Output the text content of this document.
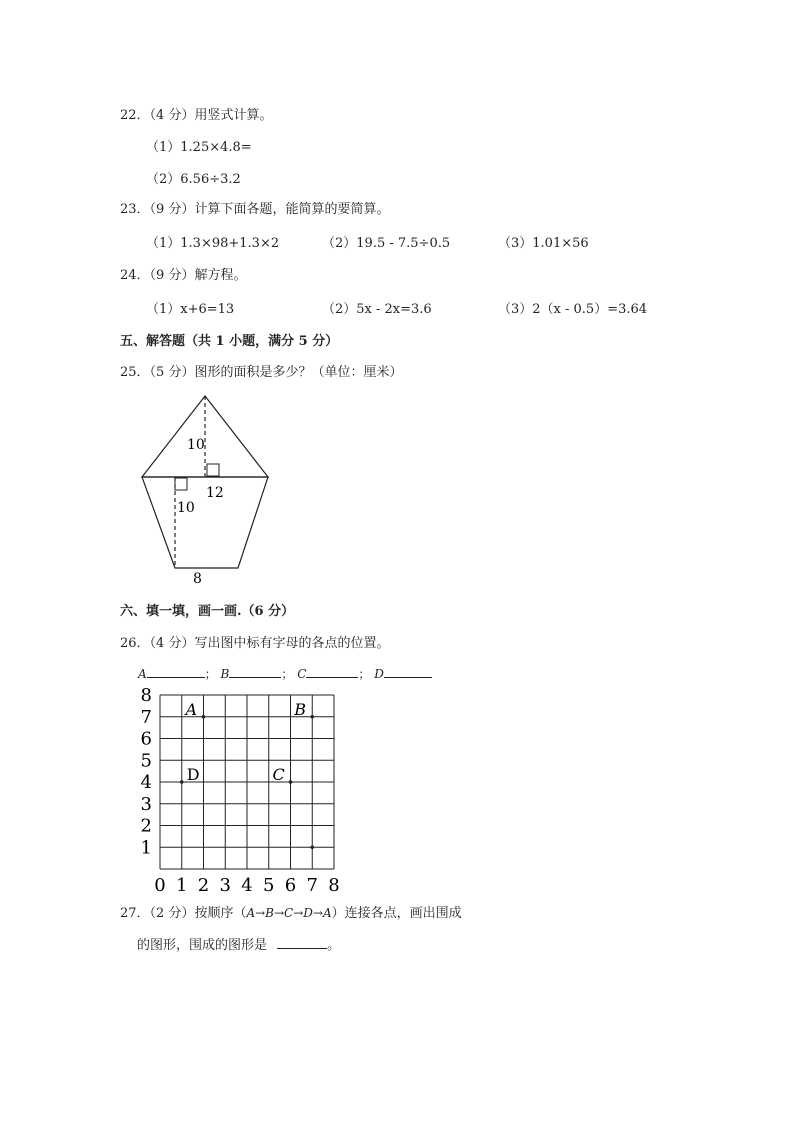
22．（4 分）用竖式计算。
（1）1.25×4.8=
（2）6.56÷3.2
23．（9 分）计算下面各题，能简算的要简算。
（1）1.3×98+1.3×2	（2）19.5 - 7.5÷0.5	（3）1.01×56
24．（9 分）解方程。
（1）x+6=13	（2）5x - 2x=3.6	（3）2（x - 0.5）=3.64
五、解答题（共 1 小题，满分 5 分）
25．（5 分）图形的面积是多少？（单位：厘米）
10
12
10
8
六、填一填，画一画.（6 分）
26．（4 分）写出图中标有字母的各点的位置。
A	； B	； C	； D
0 1 2 3 4 5 6 7 8
1
2
3
4
5
6
7
8
A	B
C
D
27．（2 分）按顺序（A→B→C→D→A）连接各点，画出围成
的图形，围成的图形是	。
